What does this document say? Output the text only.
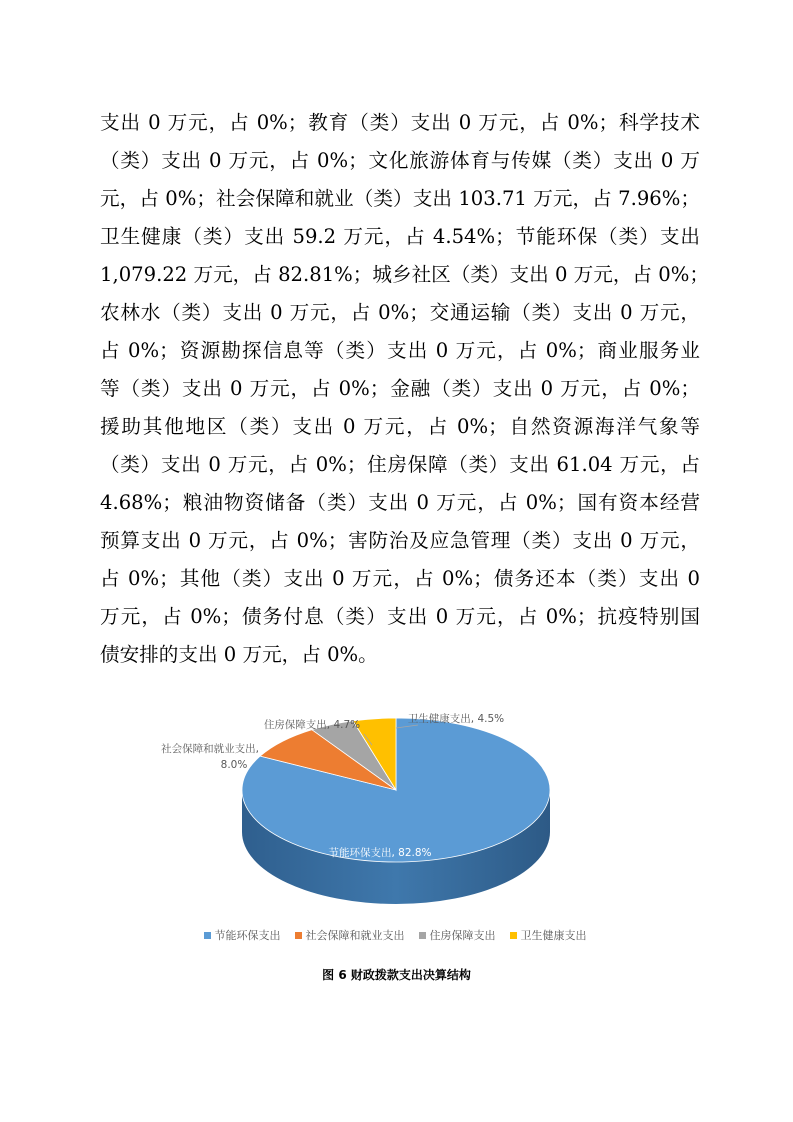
支出 0 万元，占 0%；教育（类）支出 0 万元，占 0%；科学技术
（类）支出 0 万元，占 0%；文化旅游体育与传媒（类）支出 0 万
元，占 0%；社会保障和就业（类）支出 103.71 万元，占 7.96%；
卫生健康（类）支出 59.2 万元，占 4.54%；节能环保（类）支出
1,079.22 万元，占 82.81%；城乡社区（类）支出 0 万元，占 0%；
农林水（类）支出 0 万元，占 0%；交通运输（类）支出 0 万元，
占 0%；资源勘探信息等（类）支出 0 万元，占 0%；商业服务业
等（类）支出 0 万元，占 0%；金融（类）支出 0 万元，占 0%；
援助其他地区（类）支出 0 万元，占 0%；自然资源海洋气象等
（类）支出 0 万元，占 0%；住房保障（类）支出 61.04 万元，占
4.68%；粮油物资储备（类）支出 0 万元，占 0%；国有资本经营
预算支出 0 万元，占 0%；害防治及应急管理（类）支出 0 万元，
占 0%；其他（类）支出 0 万元，占 0%；债务还本（类）支出 0
万元，占 0%；债务付息（类）支出 0 万元，占 0%；抗疫特别国
债安排的支出 0 万元，占 0%。
节能环保支出, 82.8%
社会保障和就业支出,
8.0%
住房保障支出, 4.7%	卫生健康支出, 4.5%
节能环保支出 社会保障和就业支出 住房保障支出 卫生健康支出
图 6 财政拨款支出决算结构
